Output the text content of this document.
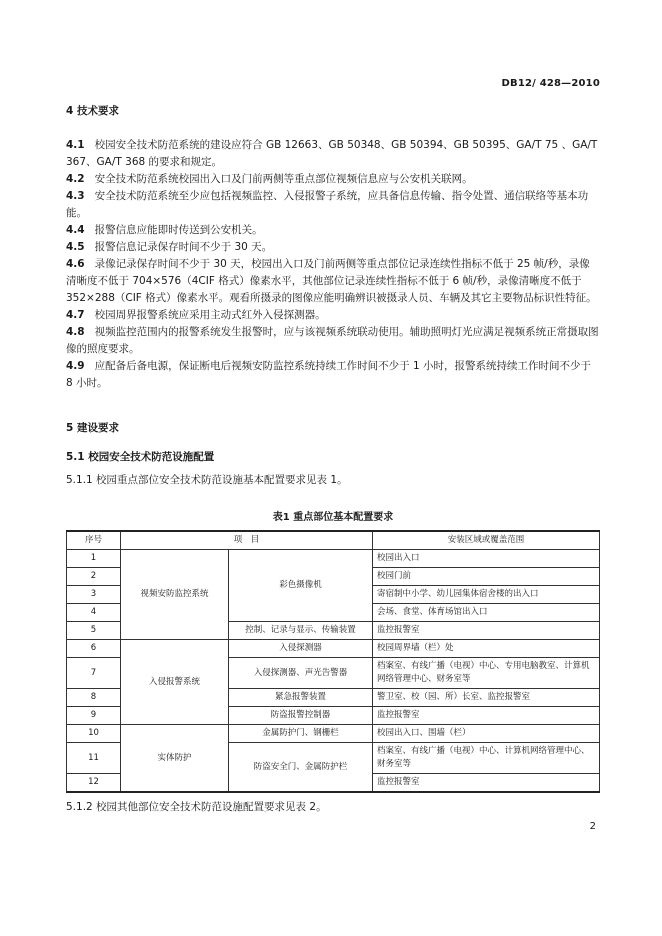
DB12/ 428—2010
4 技术要求

4.1 校园安全技术防范系统的建设应符合 GB 12663、GB 50348、GB 50394、GB 50395、GA/T 75 、GA/T 367、GA/T 368 的要求和规定。

4.2 安全技术防范系统校园出入口及门前两侧等重点部位视频信息应与公安机关联网。

4.3 安全技术防范系统至少应包括视频监控、入侵报警子系统，应具备信息传输、指令处置、通信联络等基本功能。

4.4 报警信息应能即时传送到公安机关。

4.5 报警信息记录保存时间不少于 30 天。

4.6 录像记录保存时间不少于 30 天，校园出入口及门前两侧等重点部位记录连续性指标不低于 25 帧/秒，录像清晰度不低于 704×576（4CIF 格式）像素水平，其他部位记录连续性指标不低于 6 帧/秒，录像清晰度不低于 352×288（CIF 格式）像素水平。观看所摄录的图像应能明确辨识被摄录人员、车辆及其它主要物品标识性特征。

4.7 校园周界报警系统应采用主动式红外入侵探测器。

4.8 视频监控范围内的报警系统发生报警时，应与该视频系统联动使用。辅助照明灯光应满足视频系统正常摄取图像的照度要求。

4.9 应配备后备电源，保证断电后视频安防监控系统持续工作时间不少于 1 小时，报警系统持续工作时间不少于 8 小时。

5 建设要求
5.1 校园安全技术防范设施配置

5.1.1 校园重点部位安全技术防范设施基本配置要求见表 1。

表1 重点部位基本配置要求
序号	项　目		安装区域或覆盖范围
1	视频安防监控系统	彩色摄像机	校园出入口
2			校园门前
3			寄宿制中小学、幼儿园集体宿舍楼的出入口
4			会场、食堂、体育场馆出入口
5		控制、记录与显示、传输装置	监控报警室
6	入侵报警系统	入侵探测器	校园周界墙（栏）处
7		入侵探测器、声光告警器	档案室、有线广播（电视）中心、专用电脑教室、计算机网络管理中心、财务室等
8		紧急报警装置	警卫室、校（园、所）长室、监控报警室
9		防盗报警控制器	监控报警室
10	实体防护	金属防护门、钢栅栏	校园出入口、围墙（栏）
11		防盗安全门、金属防护栏	档案室、有线广播（电视）中心、计算机网络管理中心、财务室等
12			监控报警室

5.1.2 校园其他部位安全技术防范设施配置要求见表 2。

2
